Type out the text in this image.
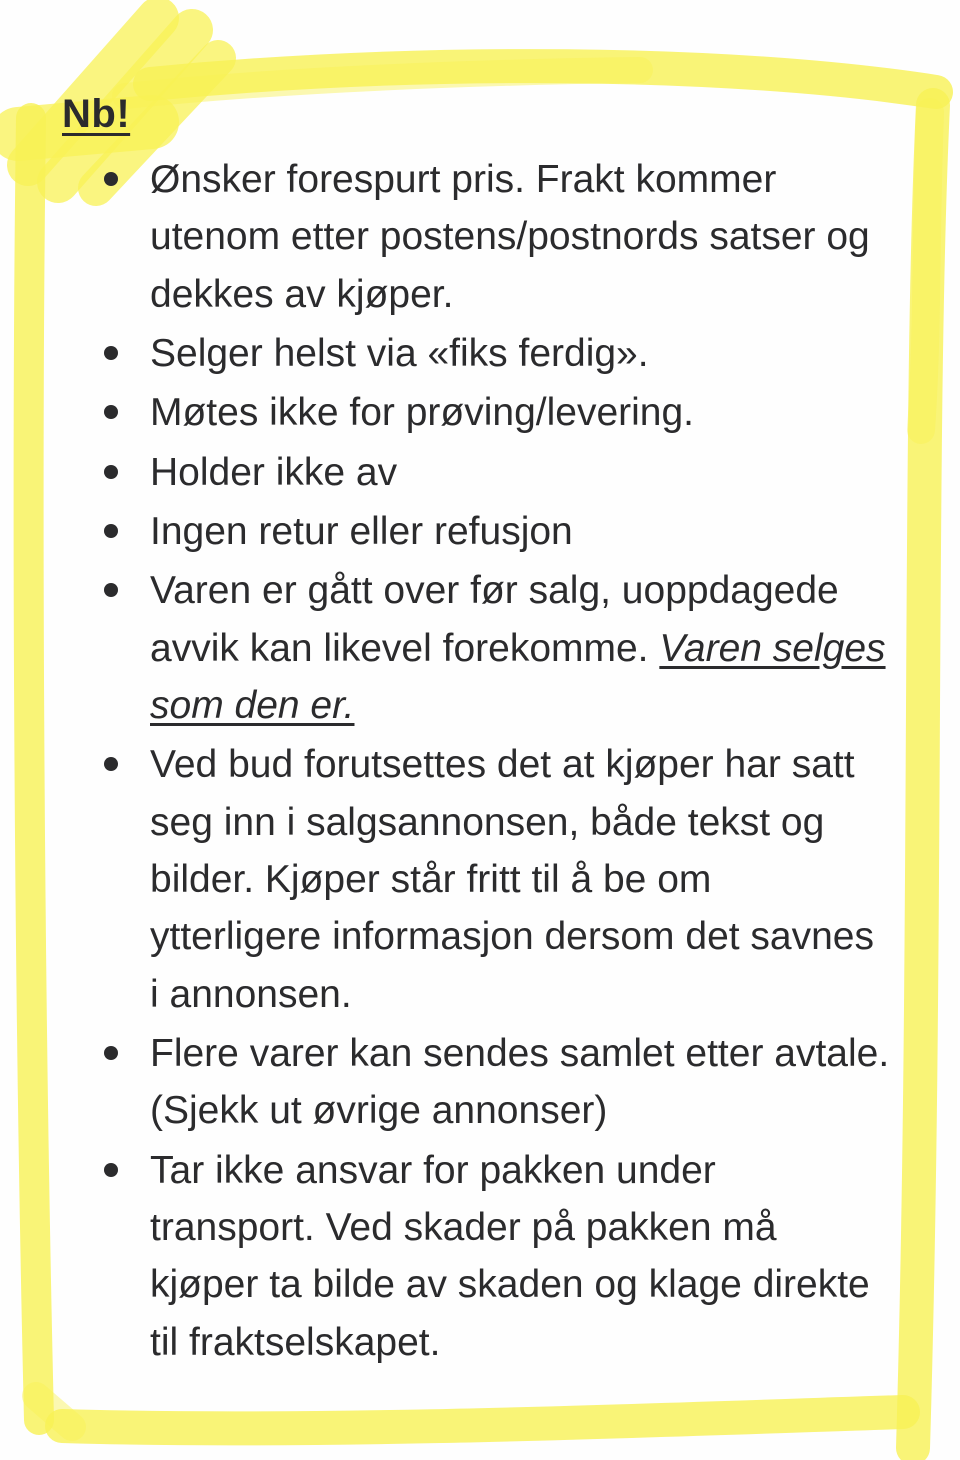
Nb!
Ønsker forespurt pris. Frakt kommer utenom etter postens/postnords satser og dekkes av kjøper.
Selger helst via «fiks ferdig».
Møtes ikke for prøving/levering.
Holder ikke av
Ingen retur eller refusjon
Varen er gått over før salg, uoppdagede avvik kan likevel forekomme. Varen selges som den er.
Ved bud forutsettes det at kjøper har satt seg inn i salgsannonsen, både tekst og bilder. Kjøper står fritt til å be om ytterligere informasjon dersom det savnes i annonsen.
Flere varer kan sendes samlet etter avtale. (Sjekk ut øvrige annonser)
Tar ikke ansvar for pakken under transport. Ved skader på pakken må kjøper ta bilde av skaden og klage direkte til fraktselskapet.
